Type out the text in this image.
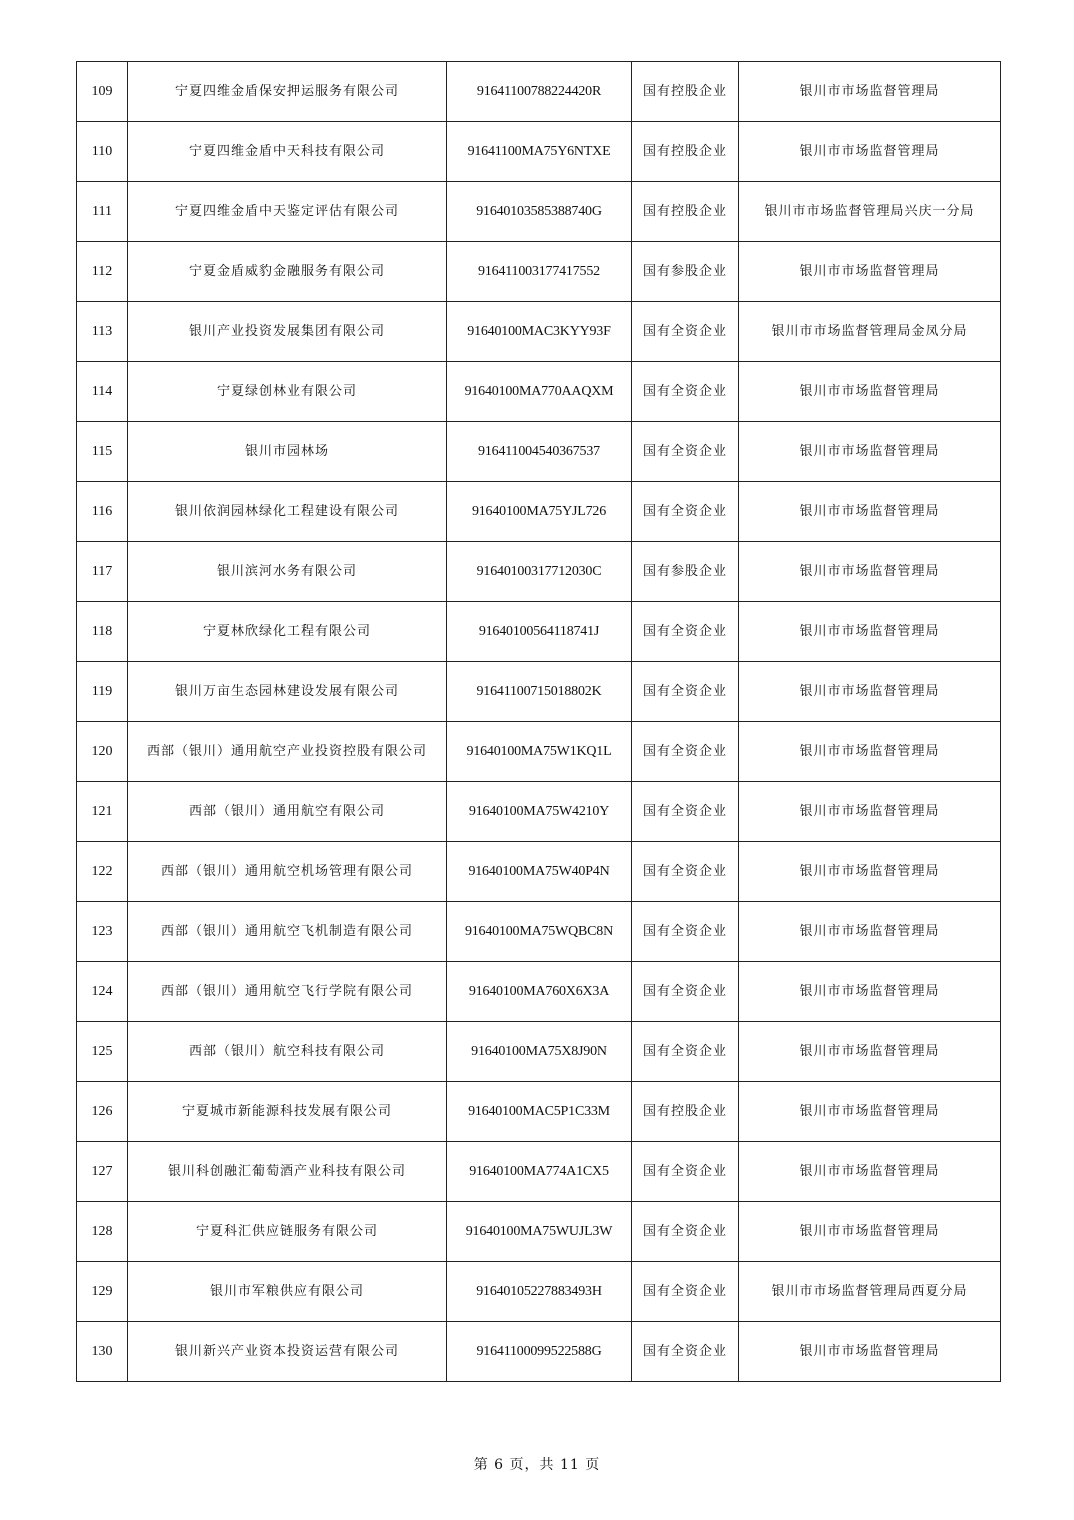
109	宁夏四维金盾保安押运服务有限公司	91641100788224420R	国有控股企业	银川市市场监督管理局
110	宁夏四维金盾中天科技有限公司	91641100MA75Y6NTXE	国有控股企业	银川市市场监督管理局
111	宁夏四维金盾中天鉴定评估有限公司	91640103585388740G	国有控股企业	银川市市场监督管理局兴庆一分局
112	宁夏金盾威豹金融服务有限公司	916411003177417552	国有参股企业	银川市市场监督管理局
113	银川产业投资发展集团有限公司	91640100MAC3KYY93F	国有全资企业	银川市市场监督管理局金凤分局
114	宁夏绿创林业有限公司	91640100MA770AAQXM	国有全资企业	银川市市场监督管理局
115	银川市园林场	916411004540367537	国有全资企业	银川市市场监督管理局
116	银川依润园林绿化工程建设有限公司	91640100MA75YJL726	国有全资企业	银川市市场监督管理局
117	银川滨河水务有限公司	91640100317712030C	国有参股企业	银川市市场监督管理局
118	宁夏林欣绿化工程有限公司	91640100564118741J	国有全资企业	银川市市场监督管理局
119	银川万亩生态园林建设发展有限公司	91641100715018802K	国有全资企业	银川市市场监督管理局
120	西部（银川）通用航空产业投资控股有限公司	91640100MA75W1KQ1L	国有全资企业	银川市市场监督管理局
121	西部（银川）通用航空有限公司	91640100MA75W4210Y	国有全资企业	银川市市场监督管理局
122	西部（银川）通用航空机场管理有限公司	91640100MA75W40P4N	国有全资企业	银川市市场监督管理局
123	西部（银川）通用航空飞机制造有限公司	91640100MA75WQBC8N	国有全资企业	银川市市场监督管理局
124	西部（银川）通用航空飞行学院有限公司	91640100MA760X6X3A	国有全资企业	银川市市场监督管理局
125	西部（银川）航空科技有限公司	91640100MA75X8J90N	国有全资企业	银川市市场监督管理局
126	宁夏城市新能源科技发展有限公司	91640100MAC5P1C33M	国有控股企业	银川市市场监督管理局
127	银川科创融汇葡萄酒产业科技有限公司	91640100MA774A1CX5	国有全资企业	银川市市场监督管理局
128	宁夏科汇供应链服务有限公司	91640100MA75WUJL3W	国有全资企业	银川市市场监督管理局
129	银川市军粮供应有限公司	91640105227883493H	国有全资企业	银川市市场监督管理局西夏分局
130	银川新兴产业资本投资运营有限公司	91641100099522588G	国有全资企业	银川市市场监督管理局
第 6 页，共 11 页
